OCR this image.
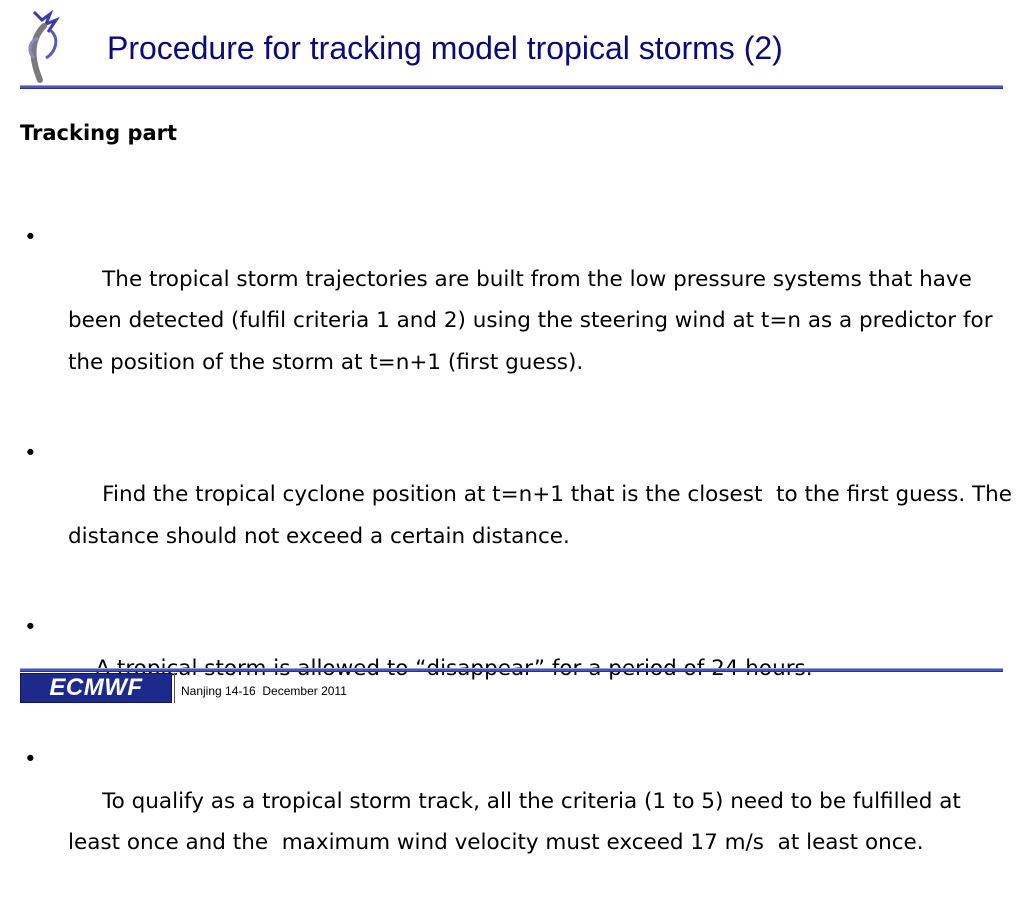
Procedure for tracking model tropical storms (2)
Tracking part

•
The tropical storm trajectories are built from the low pressure systems that have been detected (fulfil criteria 1 and 2) using the steering wind at t=n as a predictor for the position of the storm at t=n+1 (first guess).

•
Find the tropical cyclone position at t=n+1 that is the closest  to the first guess. The distance should not exceed a certain distance.

•

•
To qualify as a tropical storm track, all the criteria (1 to 5) need to be fulfilled at least once and the  maximum wind velocity must exceed 17 m/s  at least once.

ECMWF	Nanjing 14-16  December 2011
